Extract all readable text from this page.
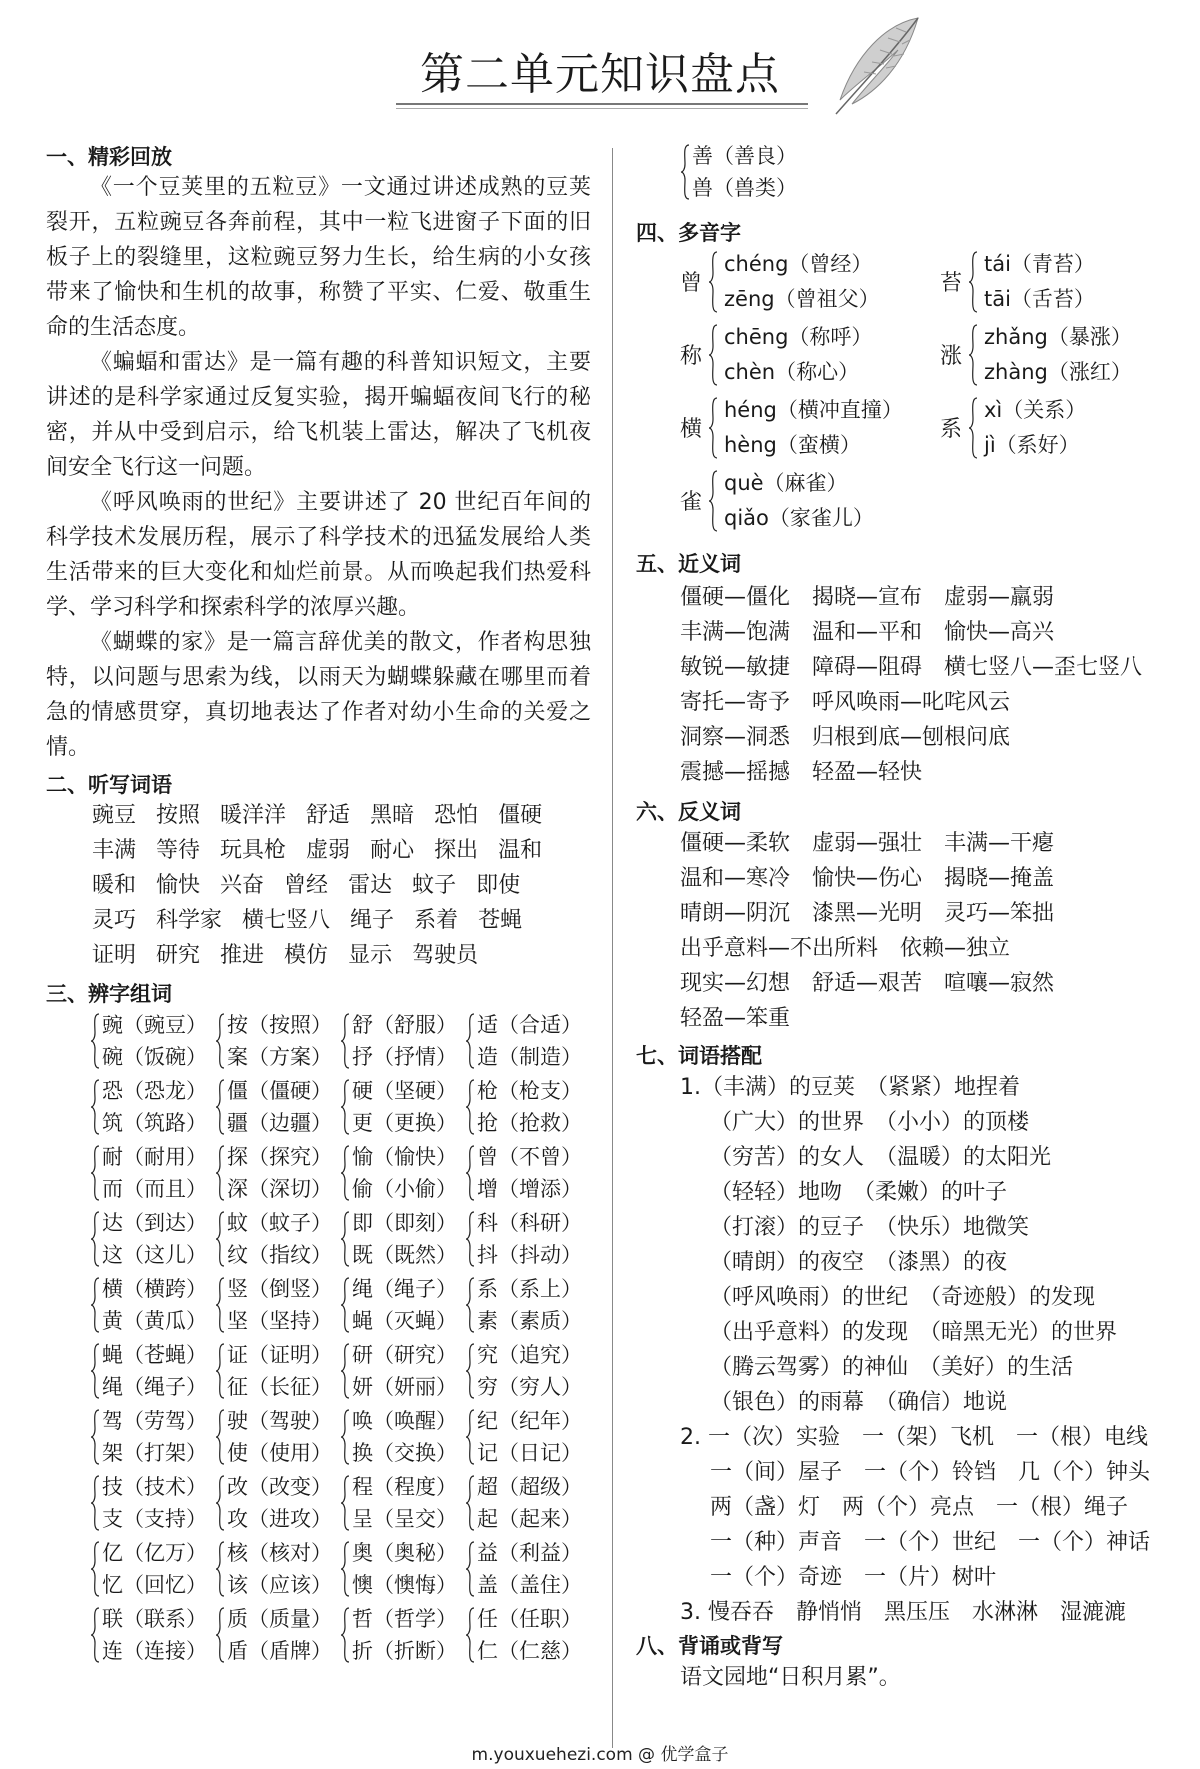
第二单元知识盘点
一、精彩回放
《一个豆荚里的五粒豆》一文通过讲述成熟的豆荚裂开，五粒豌豆各奔前程，其中一粒飞进窗子下面的旧板子上的裂缝里，这粒豌豆努力生长，给生病的小女孩带来了愉快和生机的故事，称赞了平实、仁爱、敬重生命的生活态度。
《蝙蝠和雷达》是一篇有趣的科普知识短文，主要讲述的是科学家通过反复实验，揭开蝙蝠夜间飞行的秘密，并从中受到启示，给飞机装上雷达，解决了飞机夜间安全飞行这一问题。
《呼风唤雨的世纪》主要讲述了 20 世纪百年间的科学技术发展历程，展示了科学技术的迅猛发展给人类生活带来的巨大变化和灿烂前景。从而唤起我们热爱科学、学习科学和探索科学的浓厚兴趣。
《蝴蝶的家》是一篇言辞优美的散文，作者构思独特，以问题与思索为线，以雨天为蝴蝶躲藏在哪里而着急的情感贯穿，真切地表达了作者对幼小生命的关爱之情。
二、听写词语
豌豆 按照 暖洋洋 舒适 黑暗 恐怕 僵硬
丰满 等待 玩具枪 虚弱 耐心 探出 温和
暖和 愉快 兴奋 曾经 雷达 蚊子 即使
灵巧 科学家 横七竖八 绳子 系着 苍蝇
证明 研究 推进 模仿 显示 驾驶员
三、辨字组词
豌（豌豆）
碗（饭碗）
按（按照）
案（方案）
舒（舒服）
抒（抒情）
适（合适）
造（制造）
恐（恐龙）
筑（筑路）
僵（僵硬）
疆（边疆）
硬（坚硬）
更（更换）
枪（枪支）
抢（抢救）
耐（耐用）
而（而且）
探（探究）
深（深切）
愉（愉快）
偷（小偷）
曾（不曾）
增（增添）
达（到达）
这（这儿）
蚊（蚊子）
纹（指纹）
即（即刻）
既（既然）
科（科研）
抖（抖动）
横（横跨）
黄（黄瓜）
竖（倒竖）
坚（坚持）
绳（绳子）
蝇（灭蝇）
系（系上）
素（素质）
蝇（苍蝇）
绳（绳子）
证（证明）
征（长征）
研（研究）
妍（妍丽）
究（追究）
穷（穷人）
驾（劳驾）
架（打架）
驶（驾驶）
使（使用）
唤（唤醒）
换（交换）
纪（纪年）
记（日记）
技（技术）
支（支持）
改（改变）
攻（进攻）
程（程度）
呈（呈交）
超（超级）
起（起来）
亿（亿万）
忆（回忆）
核（核对）
该（应该）
奥（奥秘）
懊（懊悔）
益（利益）
盖（盖住）
联（联系）
连（连接）
质（质量）
盾（盾牌）
哲（哲学）
折（折断）
任（任职）
仁（仁慈）
善（善良）
兽（兽类）
四、多音字
曾
chéng（曾经）
zēng（曾祖父）
苔
tái（青苔）
tāi（舌苔）
称
chēng（称呼）
chèn（称心）
涨
zhǎng（暴涨）
zhàng（涨红）
横
héng（横冲直撞）
hèng（蛮横）
系
xì（关系）
jì（系好）
雀
què（麻雀）
qiǎo（家雀儿）
五、近义词
僵硬—僵化　揭晓—宣布　虚弱—羸弱
丰满—饱满　温和—平和　愉快—高兴
敏锐—敏捷　障碍—阻碍　横七竖八—歪七竖八
寄托—寄予　呼风唤雨—叱咤风云
洞察—洞悉　归根到底—刨根问底
震撼—摇撼　轻盈—轻快
六、反义词
僵硬—柔软　虚弱—强壮　丰满—干瘪
温和—寒冷　愉快—伤心　揭晓—掩盖
晴朗—阴沉　漆黑—光明　灵巧—笨拙
出乎意料—不出所料　依赖—独立
现实—幻想　舒适—艰苦　喧嚷—寂然
轻盈—笨重
七、词语搭配
1.（丰满）的豆荚　（紧紧）地捏着
（广大）的世界　（小小）的顶楼
（穷苦）的女人　（温暖）的太阳光
（轻轻）地吻　（柔嫩）的叶子
（打滚）的豆子　（快乐）地微笑
（晴朗）的夜空　（漆黑）的夜
（呼风唤雨）的世纪　（奇迹般）的发现
（出乎意料）的发现　（暗黑无光）的世界
（腾云驾雾）的神仙　（美好）的生活
（银色）的雨幕　（确信）地说
2. 一（次）实验　一（架）飞机　一（根）电线
一（间）屋子　一（个）铃铛　几（个）钟头
两（盏）灯　两（个）亮点　一（根）绳子
一（种）声音　一（个）世纪　一（个）神话
一（个）奇迹　一（片）树叶
3. 慢吞吞　静悄悄　黑压压　水淋淋　湿漉漉
八、背诵或背写
语文园地“日积月累”。
m.youxuehezi.com @ 优学盒子
